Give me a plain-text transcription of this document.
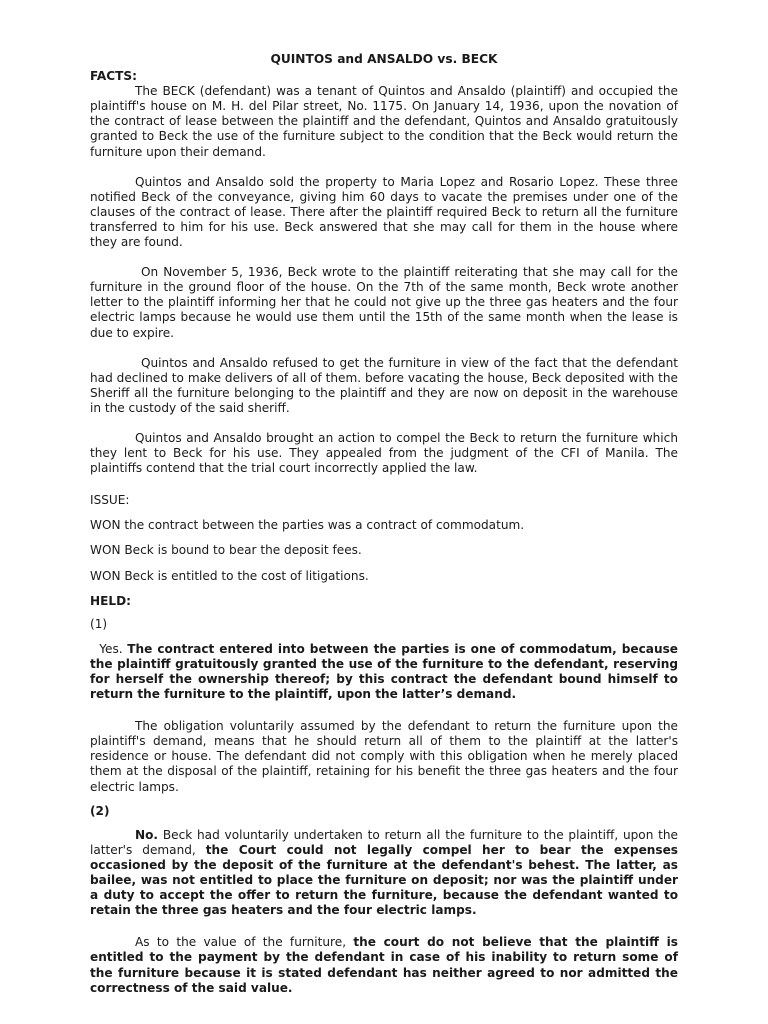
QUINTOS and ANSALDO vs. BECK
FACTS:

The BECK (defendant) was a tenant of Quintos and Ansaldo (plaintiff) and occupied the plaintiff's house on M. H. del Pilar street, No. 1175. On January 14, 1936, upon the novation of the contract of lease between the plaintiff and the defendant, Quintos and Ansaldo gratuitously granted to Beck the use of the furniture subject to the condition that the Beck would return the furniture upon their demand.

Quintos and Ansaldo sold the property to Maria Lopez and Rosario Lopez. These three notified Beck of the conveyance, giving him 60 days to vacate the premises under one of the clauses of the contract of lease. There after the plaintiff required Beck to return all the furniture transferred to him for his use. Beck answered that she may call for them in the house where they are found.

On November 5, 1936, Beck wrote to the plaintiff reiterating that she may call for the furniture in the ground floor of the house. On the 7th of the same month, Beck wrote another letter to the plaintiff informing her that he could not give up the three gas heaters and the four electric lamps because he would use them until the 15th of the same month when the lease is due to expire.

Quintos and Ansaldo refused to get the furniture in view of the fact that the defendant had declined to make delivers of all of them. before vacating the house, Beck deposited with the Sheriff all the furniture belonging to the plaintiff and they are now on deposit in the warehouse in the custody of the said sheriff.

Quintos and Ansaldo brought an action to compel the Beck to return the furniture which they lent to Beck for his use. They appealed from the judgment of the CFI of Manila. The plaintiffs contend that the trial court incorrectly applied the law.

ISSUE:

WON the contract between the parties was a contract of commodatum.

WON Beck is bound to bear the deposit fees.

WON Beck is entitled to the cost of litigations.

HELD:
(1)

Yes. The contract entered into between the parties is one of commodatum, because the plaintiff gratuitously granted the use of the furniture to the defendant, reserving for herself the ownership thereof; by this contract the defendant bound himself to return the furniture to the plaintiff, upon the latter’s demand.

The obligation voluntarily assumed by the defendant to return the furniture upon the plaintiff's demand, means that he should return all of them to the plaintiff at the latter's residence or house. The defendant did not comply with this obligation when he merely placed them at the disposal of the plaintiff, retaining for his benefit the three gas heaters and the four electric lamps.

(2)

No. Beck had voluntarily undertaken to return all the furniture to the plaintiff, upon the latter's demand, the Court could not legally compel her to bear the expenses occasioned by the deposit of the furniture at the defendant's behest. The latter, as bailee, was not entitled to place the furniture on deposit; nor was the plaintiff under a duty to accept the offer to return the furniture, because the defendant wanted to retain the three gas heaters and the four electric lamps.

As to the value of the furniture, the court do not believe that the plaintiff is entitled to the payment by the defendant in case of his inability to return some of the furniture because it is stated defendant has neither agreed to nor admitted the correctness of the said value.
